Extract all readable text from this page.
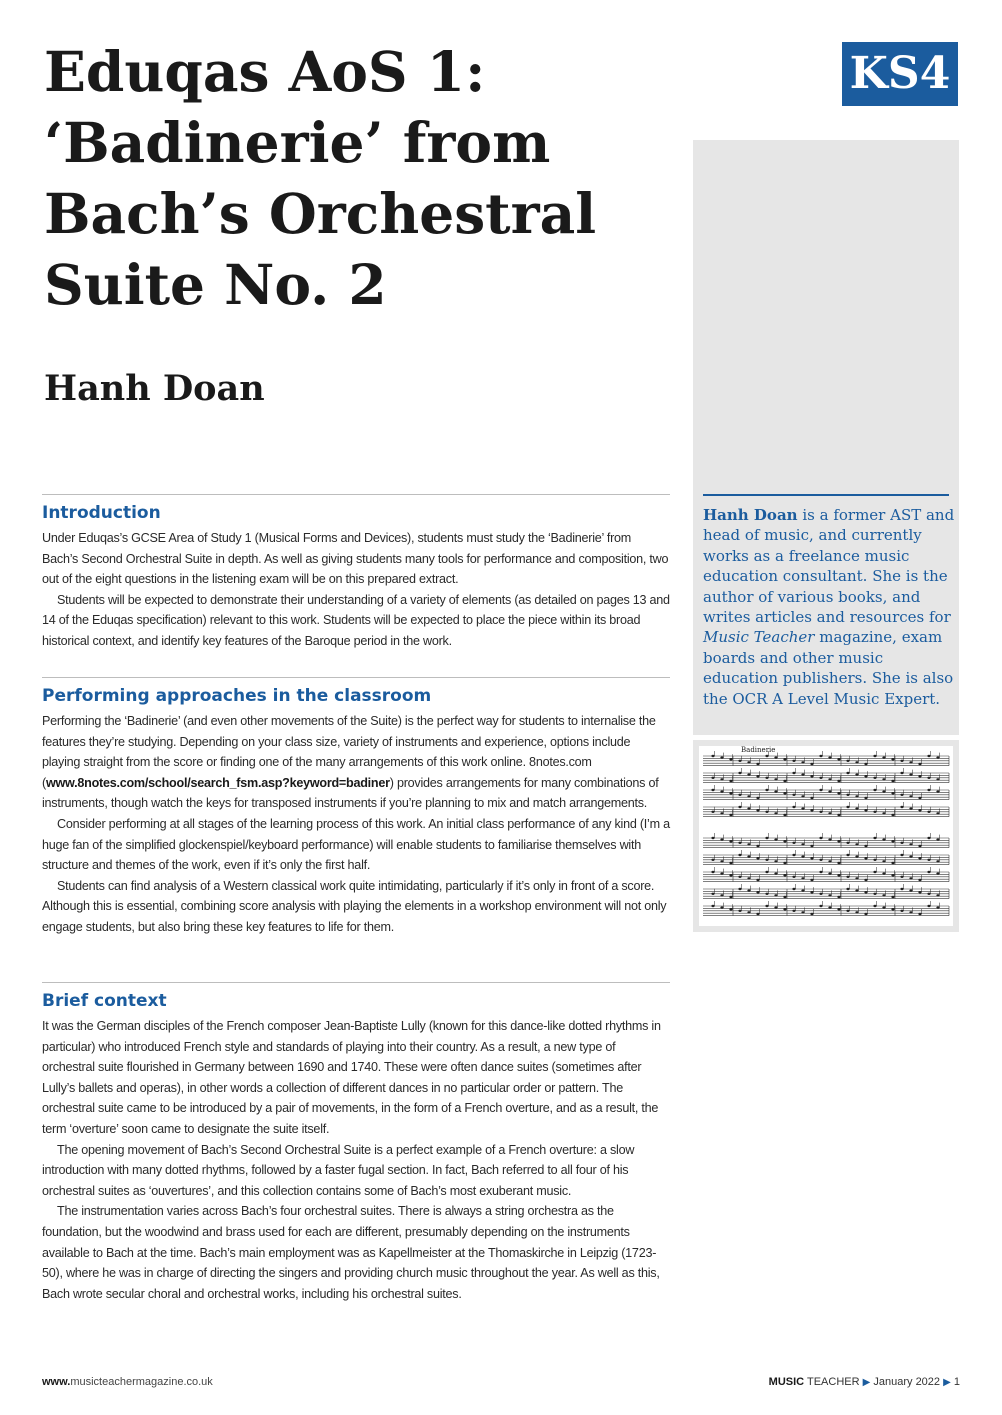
Eduqas AoS 1:
‘Badinerie’ from
Bach’s Orchestral
Suite No. 2
Hanh Doan
KS4

Hanh Doan is a former AST and head of music, and currently works as a freelance music education consultant. She is the author of various books, and writes articles and resources for Music Teacher magazine, exam boards and other music education publishers. She is also the OCR A Level Music Expert.

Badinerie
Introduction

Under Eduqas’s GCSE Area of Study 1 (Musical Forms and Devices), students must study the ‘Badinerie’ from Bach’s Second Orchestral Suite in depth. As well as giving students many tools for performance and composition, two out of the eight questions in the listening exam will be on this prepared extract.

Students will be expected to demonstrate their understanding of a variety of elements (as detailed on pages 13 and 14 of the Eduqas specification) relevant to this work. Students will be expected to place the piece within its broad historical context, and identify key features of the Baroque period in the work.

Performing approaches in the classroom

Performing the ‘Badinerie’ (and even other movements of the Suite) is the perfect way for students to internalise the features they’re studying. Depending on your class size, variety of instruments and experience, options include playing straight from the score or finding one of the many arrangements of this work online. 8notes.com (www.8notes.com/school/search_fsm.asp?keyword=badiner) provides arrangements for many combinations of instruments, though watch the keys for transposed instruments if you’re planning to mix and match arrangements.

Consider performing at all stages of the learning process of this work. An initial class performance of any kind (I’m a huge fan of the simplified glockenspiel/keyboard performance) will enable students to familiarise themselves with structure and themes of the work, even if it’s only the first half.

Students can find analysis of a Western classical work quite intimidating, particularly if it’s only in front of a score. Although this is essential, combining score analysis with playing the elements in a workshop environment will not only engage students, but also bring these key features to life for them.

Brief context

It was the German disciples of the French composer Jean-Baptiste Lully (known for this dance-like dotted rhythms in particular) who introduced French style and standards of playing into their country. As a result, a new type of orchestral suite flourished in Germany between 1690 and 1740. These were often dance suites (sometimes after Lully’s ballets and operas), in other words a collection of different dances in no particular order or pattern. The orchestral suite came to be introduced by a pair of movements, in the form of a French overture, and as a result, the term ‘overture’ soon came to designate the suite itself.

The opening movement of Bach’s Second Orchestral Suite is a perfect example of a French overture: a slow introduction with many dotted rhythms, followed by a faster fugal section. In fact, Bach referred to all four of his orchestral suites as ‘ouvertures’, and this collection contains some of Bach’s most exuberant music.

The instrumentation varies across Bach’s four orchestral suites. There is always a string orchestra as the foundation, but the woodwind and brass used for each are different, presumably depending on the instruments available to Bach at the time. Bach’s main employment was as Kapellmeister at the Thomaskirche in Leipzig (1723-50), where he was in charge of directing the singers and providing church music throughout the year. As well as this, Bach wrote secular choral and orchestral works, including his orchestral suites.

www.musicteachermagazine.co.uk	MUSIC TEACHER ▶ January 2022 ▶ 1
